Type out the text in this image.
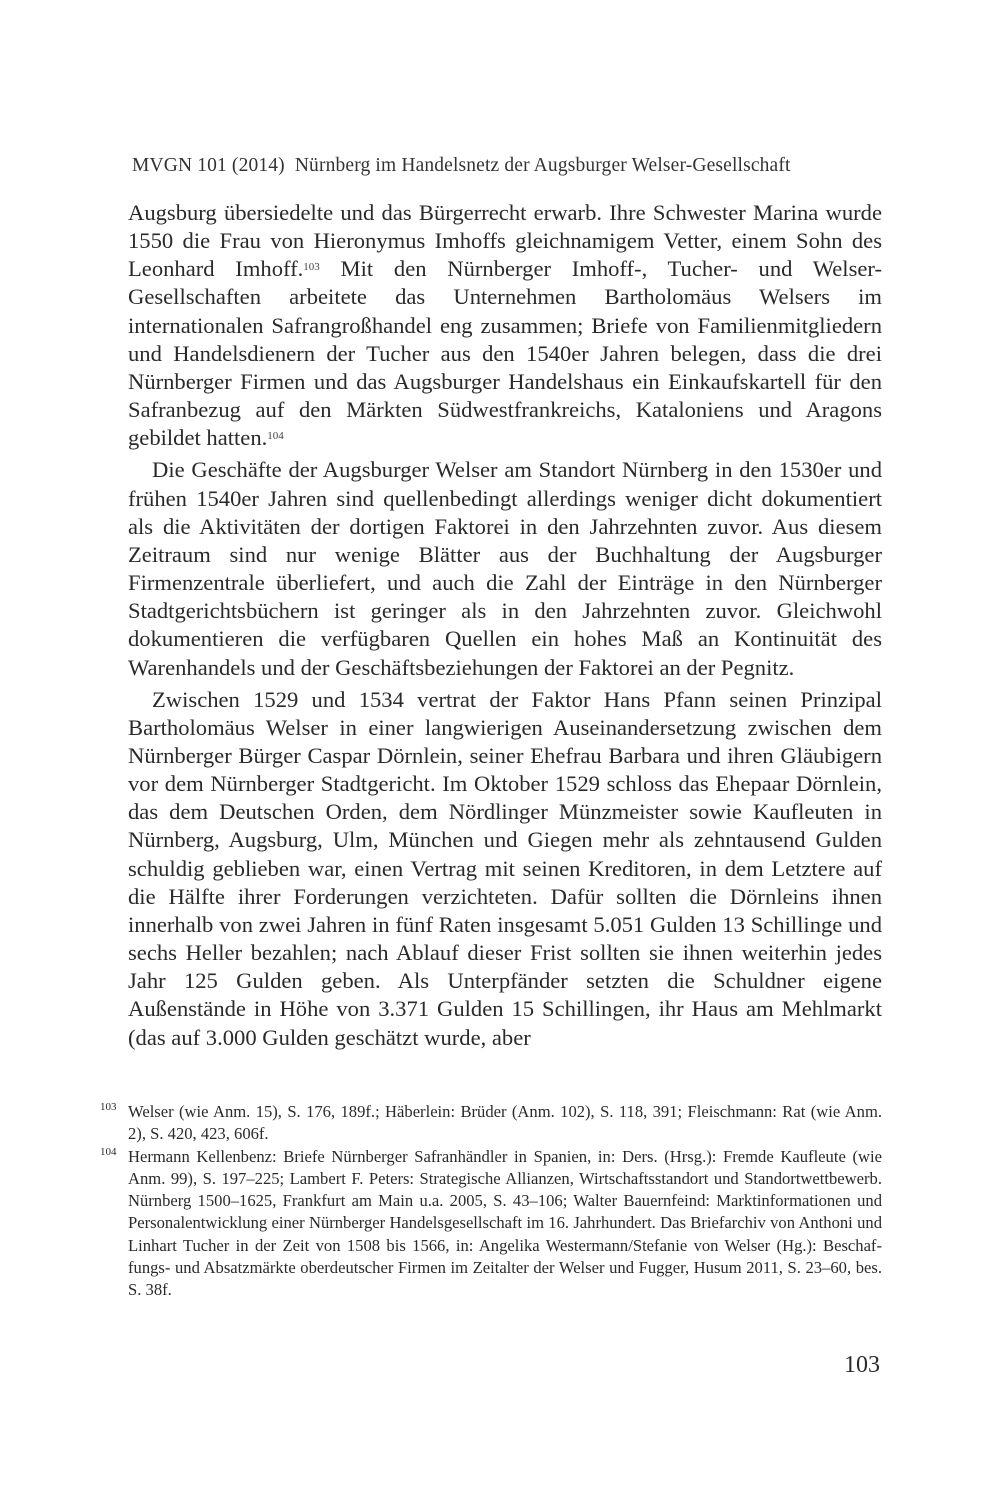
MVGN 101 (2014) Nürnberg im Handelsnetz der Augsburger Welser-Gesellschaft

Augsburg übersiedelte und das Bürgerrecht erwarb. Ihre Schwester Marina wurde 1550 die Frau von Hieronymus Imhoffs gleichnamigem Vetter, einem Sohn des Leonhard Imhoff.$^{103}$ Mit den Nürnberger Imhoff-, Tucher- und Welser-Gesellschaften arbeitete das Unternehmen Bartholomäus Welsers im internationalen Safrangroßhandel eng zusammen; Briefe von Familienmitgliedern und Handelsdienern der Tucher aus den 1540er Jahren belegen, dass die drei Nürnberger Firmen und das Augsburger Handelshaus ein Einkaufskartell für den Safranbezug auf den Märkten Südwestfrankreichs, Kataloniens und Aragons gebildet hatten.$^{104}$

Die Geschäfte der Augsburger Welser am Standort Nürnberg in den 1530er und frühen 1540er Jahren sind quellenbedingt allerdings weniger dicht dokumentiert als die Aktivitäten der dortigen Faktorei in den Jahrzehnten zuvor. Aus diesem Zeitraum sind nur wenige Blätter aus der Buchhaltung der Augsburger Firmenzentrale überliefert, und auch die Zahl der Einträge in den Nürnberger Stadtgerichtsbüchern ist geringer als in den Jahrzehnten zuvor. Gleichwohl dokumentieren die verfügbaren Quellen ein hohes Maß an Kontinuität des Warenhandels und der Geschäftsbeziehungen der Faktorei an der Pegnitz.

Zwischen 1529 und 1534 vertrat der Faktor Hans Pfann seinen Prinzipal Bartholomäus Welser in einer langwierigen Auseinandersetzung zwischen dem Nürnberger Bürger Caspar Dörnlein, seiner Ehefrau Barbara und ihren Gläubigern vor dem Nürnberger Stadtgericht. Im Oktober 1529 schloss das Ehepaar Dörnlein, das dem Deutschen Orden, dem Nördlinger Münzmeister sowie Kaufleuten in Nürnberg, Augsburg, Ulm, München und Giegen mehr als zehntausend Gulden schuldig geblieben war, einen Vertrag mit seinen Kreditoren, in dem Letztere auf die Hälfte ihrer Forderungen verzichteten. Dafür sollten die Dörnleins ihnen innerhalb von zwei Jahren in fünf Raten insgesamt 5.051 Gulden 13 Schillinge und sechs Heller bezahlen; nach Ablauf dieser Frist sollten sie ihnen weiterhin jedes Jahr 125 Gulden geben. Als Unterpfänder setzten die Schuldner eigene Außenstände in Höhe von 3.371 Gulden 15 Schillingen, ihr Haus am Mehlmarkt (das auf 3.000 Gulden geschätzt wurde, aber

103 Welser (wie Anm. 15), S. 176, 189f.; Häberlein: Brüder (Anm. 102), S. 118, 391; Fleischmann: Rat (wie Anm. 2), S. 420, 423, 606f.
104 Hermann Kellenbenz: Briefe Nürnberger Safranhändler in Spanien, in: Ders. (Hrsg.): Fremde Kaufleute (wie Anm. 99), S. 197–225; Lambert F. Peters: Strategische Allianzen, Wirtschaftsstandort und Standortwettbewerb. Nürnberg 1500–1625, Frankfurt am Main u.a. 2005, S. 43–106; Walter Bauernfeind: Marktinformationen und Personalentwicklung einer Nürnberger Handelsgesellschaft im 16. Jahrhundert. Das Briefarchiv von Anthoni und Linhart Tucher in der Zeit von 1508 bis 1566, in: Angelika Westermann/Stefanie von Welser (Hg.): Beschaffungs- und Absatzmärkte oberdeutscher Firmen im Zeitalter der Welser und Fugger, Husum 2011, S. 23–60, bes. S. 38f.
103
